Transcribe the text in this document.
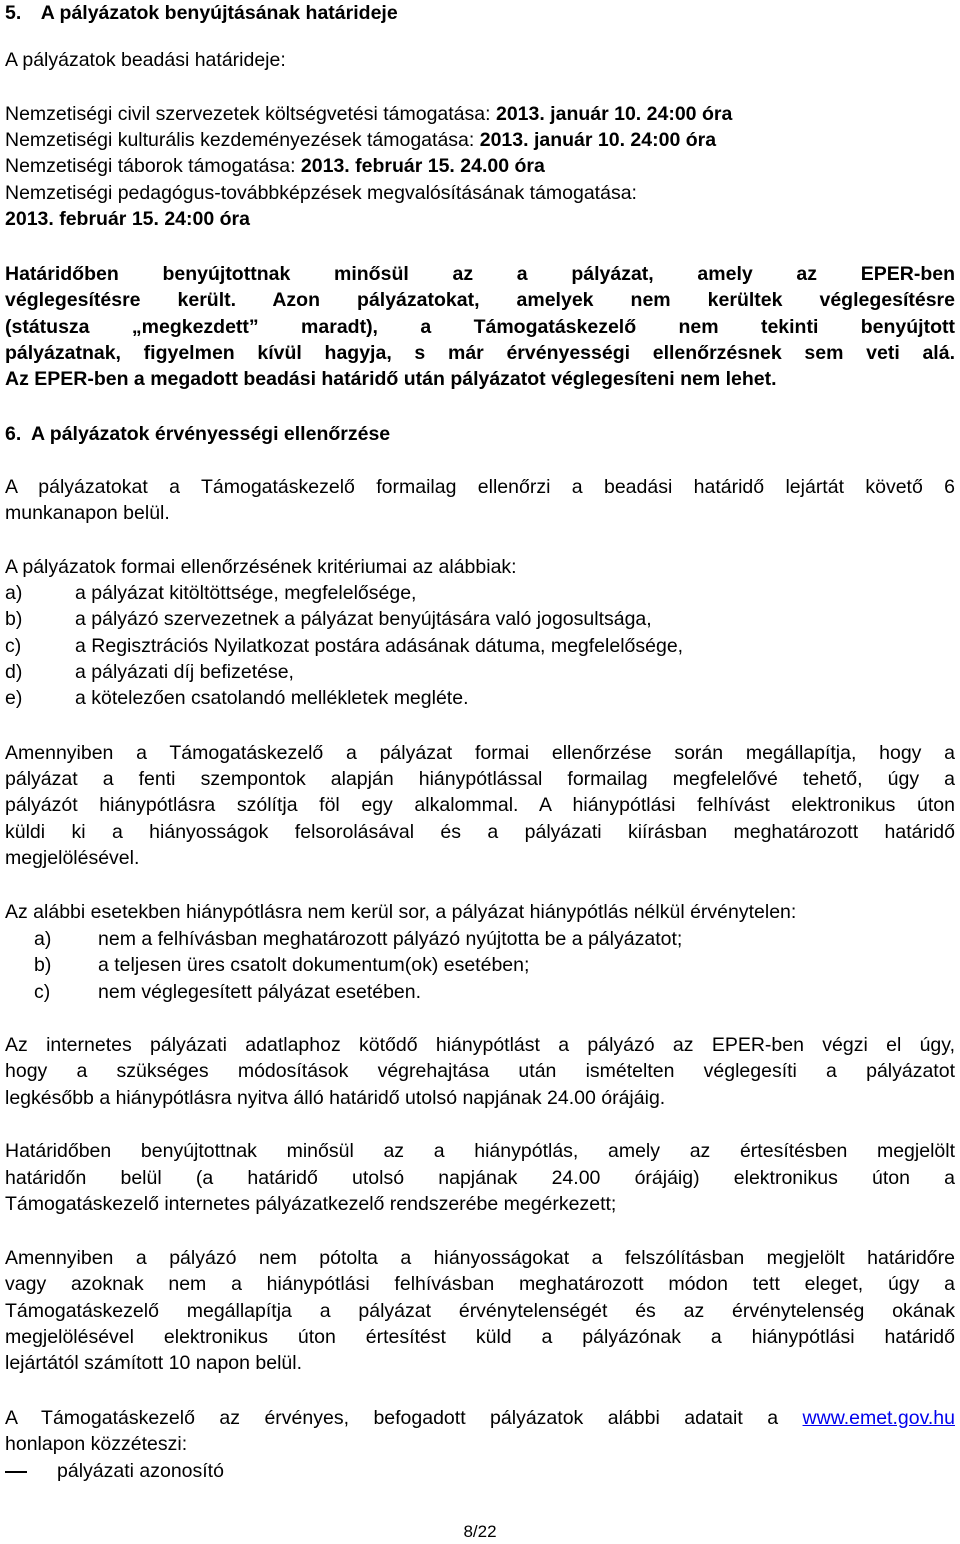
5. A pályázatok benyújtásának határideje
A pályázatok beadási határideje:
Nemzetiségi civil szervezetek költségvetési támogatása: 2013. január 10. 24:00 óra
Nemzetiségi kulturális kezdeményezések támogatása: 2013. január 10. 24:00 óra
Nemzetiségi táborok támogatása: 2013. február 15. 24.00 óra
Nemzetiségi pedagógus-továbbképzések megvalósításának támogatása:
2013. február 15. 24:00 óra
Határidőben benyújtottnak minősül az a pályázat, amely az EPER-ben
véglegesítésre került. Azon pályázatokat, amelyek nem kerültek véglegesítésre
(státusza „megkezdett” maradt), a Támogatáskezelő nem tekinti benyújtott
pályázatnak, figyelmen kívül hagyja, s már érvényességi ellenőrzésnek sem veti alá.
Az EPER-ben a megadott beadási határidő után pályázatot véglegesíteni nem lehet.
6. A pályázatok érvényességi ellenőrzése
A pályázatokat a Támogatáskezelő formailag ellenőrzi a beadási határidő lejártát követő 6
munkanapon belül.
A pályázatok formai ellenőrzésének kritériumai az alábbiak:
a)	a pályázat kitöltöttsége, megfelelősége,
b)	a pályázó szervezetnek a pályázat benyújtására való jogosultsága,
c)	a Regisztrációs Nyilatkozat postára adásának dátuma, megfelelősége,
d)	a pályázati díj befizetése,
e)	a kötelezően csatolandó mellékletek megléte.
Amennyiben a Támogatáskezelő a pályázat formai ellenőrzése során megállapítja, hogy a
pályázat a fenti szempontok alapján hiánypótlással formailag megfelelővé tehető, úgy a
pályázót hiánypótlásra szólítja föl egy alkalommal. A hiánypótlási felhívást elektronikus úton
küldi ki a hiányosságok felsorolásával és a pályázati kiírásban meghatározott határidő
megjelölésével.
Az alábbi esetekben hiánypótlásra nem kerül sor, a pályázat hiánypótlás nélkül érvénytelen:
a) nem a felhívásban meghatározott pályázó nyújtotta be a pályázatot;
b) a teljesen üres csatolt dokumentum(ok) esetében;
c) nem véglegesített pályázat esetében.
Az internetes pályázati adatlaphoz kötődő hiánypótlást a pályázó az EPER-ben végzi el úgy,
hogy a szükséges módosítások végrehajtása után ismételten véglegesíti a pályázatot
legkésőbb a hiánypótlásra nyitva álló határidő utolsó napjának 24.00 órájáig.
Határidőben benyújtottnak minősül az a hiánypótlás, amely az értesítésben megjelölt
határidőn belül (a határidő utolsó napjának 24.00 órájáig) elektronikus úton a
Támogatáskezelő internetes pályázatkezelő rendszerébe megérkezett;
Amennyiben a pályázó nem pótolta a hiányosságokat a felszólításban megjelölt határidőre
vagy azoknak nem a hiánypótlási felhívásban meghatározott módon tett eleget, úgy a
Támogatáskezelő megállapítja a pályázat érvénytelenségét és az érvénytelenség okának
megjelölésével elektronikus úton értesítést küld a pályázónak a hiánypótlási határidő
lejártától számított 10 napon belül.
A Támogatáskezelő az érvényes, befogadott pályázatok alábbi adatait a www.emet.gov.hu
honlapon közzéteszi:
pályázati azonosító
8/22
